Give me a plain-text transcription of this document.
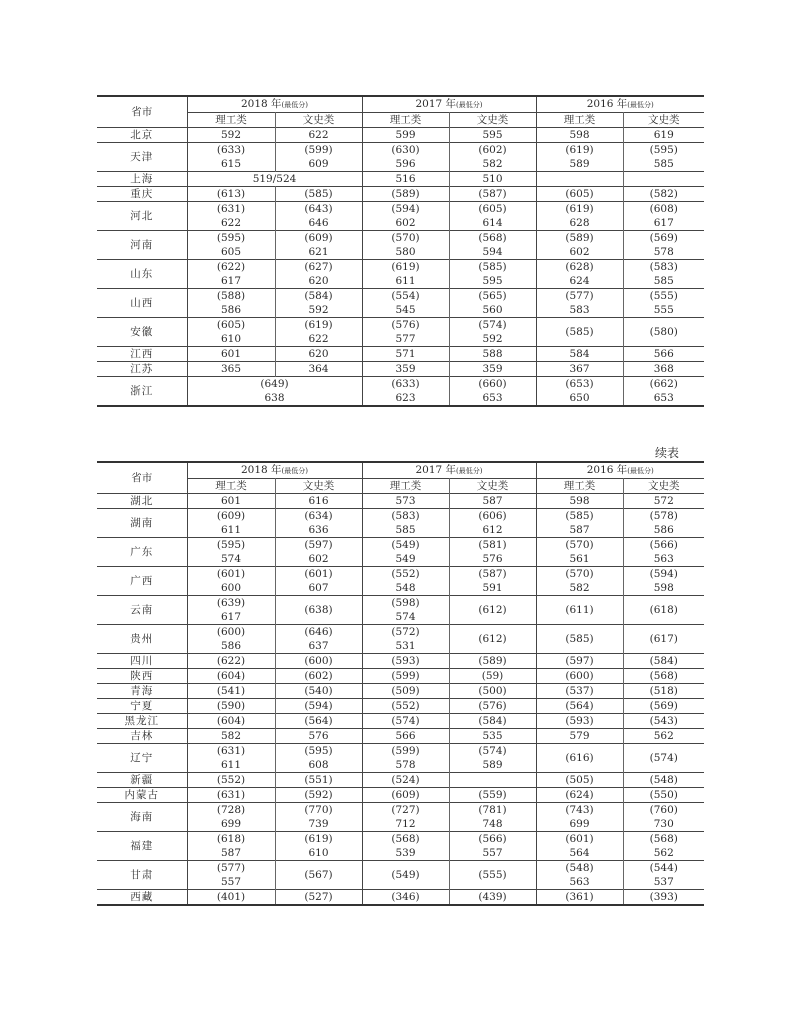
省市	2018 年(最低分)		2017 年(最低分)		2016 年(最低分)	
	理工类	文史类	理工类	文史类	理工类	文史类
北京	592	622	599	595	598	619
天津	(633)	(599)	(630)	(602)	(619)	(595)
	615	609	596	582	589	585
上海	519/524		516	510		
重庆	(613)	(585)	(589)	(587)	(605)	(582)
河北	(631)	(643)	(594)	(605)	(619)	(608)
	622	646	602	614	628	617
河南	(595)	(609)	(570)	(568)	(589)	(569)
	605	621	580	594	602	578
山东	(622)	(627)	(619)	(585)	(628)	(583)
	617	620	611	595	624	585
山西	(588)	(584)	(554)	(565)	(577)	(555)
	586	592	545	560	583	555
安徽	(605)	(619)	(576)	(574)	(585)	(580)
	610	622	577	592		
江西	601	620	571	588	584	566
江苏	365	364	359	359	367	368
浙江	(649)		(633)	(660)	(653)	(662)
	638		623	653	650	653
续表
省市	2018 年(最低分)		2017 年(最低分)		2016 年(最低分)	
	理工类	文史类	理工类	文史类	理工类	文史类
湖北	601	616	573	587	598	572
湖南	(609)	(634)	(583)	(606)	(585)	(578)
	611	636	585	612	587	586
广东	(595)	(597)	(549)	(581)	(570)	(566)
	574	602	549	576	561	563
广西	(601)	(601)	(552)	(587)	(570)	(594)
	600	607	548	591	582	598
云南	(639)	(638)	(598)	(612)	(611)	(618)
	617		574			
贵州	(600)	(646)	(572)	(612)	(585)	(617)
	586	637	531			
四川	(622)	(600)	(593)	(589)	(597)	(584)
陕西	(604)	(602)	(599)	(59)	(600)	(568)
青海	(541)	(540)	(509)	(500)	(537)	(518)
宁夏	(590)	(594)	(552)	(576)	(564)	(569)
黑龙江	(604)	(564)	(574)	(584)	(593)	(543)
吉林	582	576	566	535	579	562
辽宁	(631)	(595)	(599)	(574)	(616)	(574)
	611	608	578	589		
新疆	(552)	(551)	(524)		(505)	(548)
内蒙古	(631)	(592)	(609)	(559)	(624)	(550)
海南	(728)	(770)	(727)	(781)	(743)	(760)
	699	739	712	748	699	730
福建	(618)	(619)	(568)	(566)	(601)	(568)
	587	610	539	557	564	562
甘肃	(577)	(567)	(549)	(555)	(548)	(544)
	557				563	537
西藏	(401)	(527)	(346)	(439)	(361)	(393)
